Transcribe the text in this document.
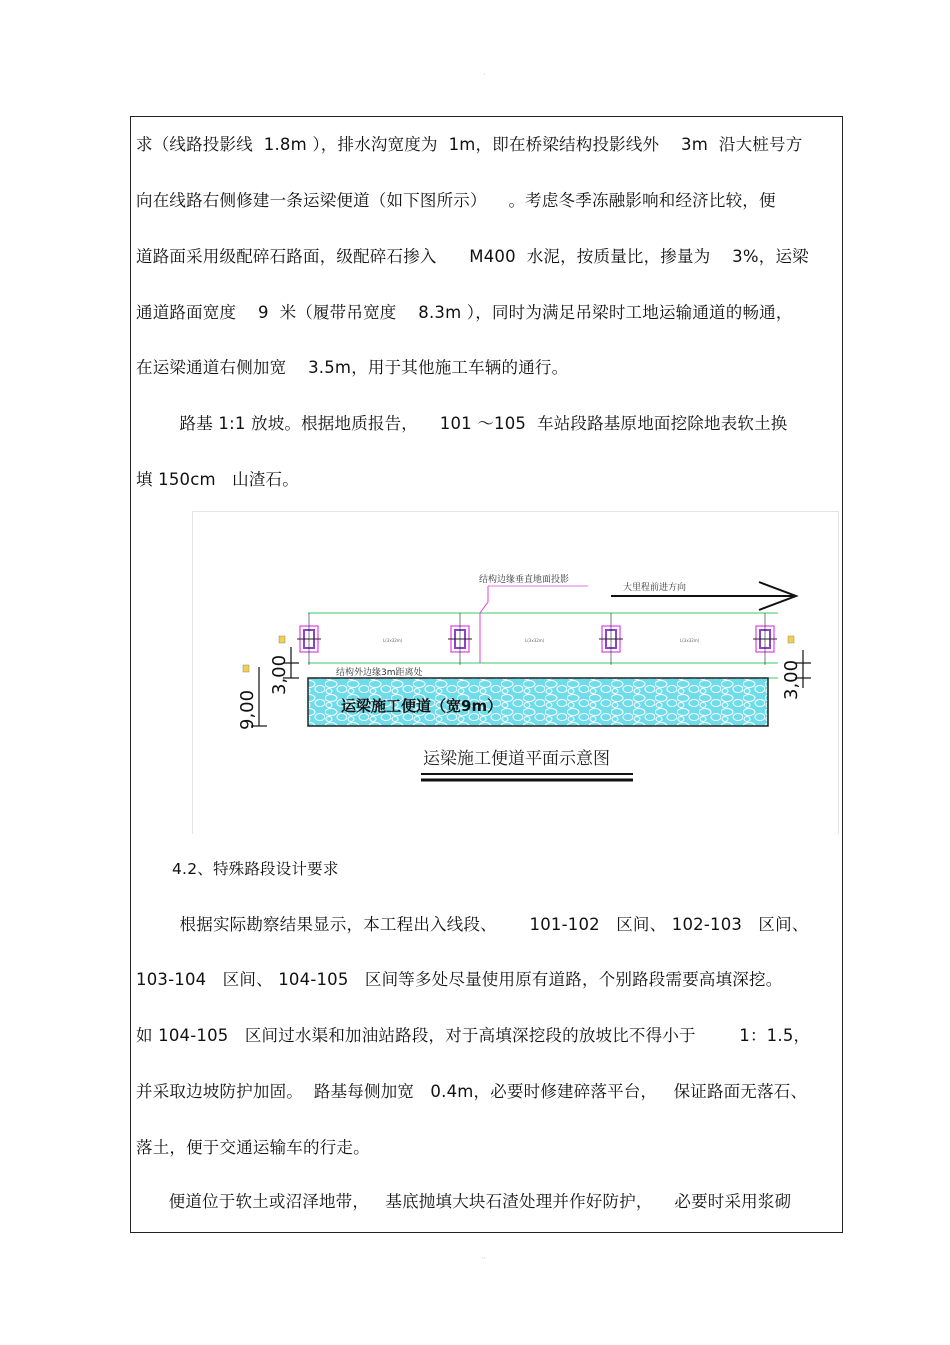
·
求（线路投影线  1.8m ），排水沟宽度为  1m，即在桥梁结构投影线外    3m  沿大桩号方
向在线路右侧修建一条运梁便道（如下图所示）    。考虑冬季冻融影响和经济比较，便
道路面采用级配碎石路面，级配碎石掺入      M400  水泥，按质量比，掺量为    3%，运梁
通道路面宽度    9  米（履带吊宽度    8.3m ），同时为满足吊梁时工地运输通道的畅通，
在运梁通道右侧加宽    3.5m，用于其他施工车辆的通行。
路基 1:1 放坡。根据地质报告，    101 ～105  车站段路基原地面挖除地表软土换
填 150cm   山渣石。
L(3x32m)	L(3x32m)	L(3x32m)
结构边缘垂直地面投影
大里程前进方向
结构外边缘3m距离处
运梁施工便道（宽9m）
9,00
3,00	3,00
运梁施工便道平面示意图
4.2、特殊路段设计要求
根据实际勘察结果显示，本工程出入线段、      101-102   区间、 102-103   区间、
103-104   区间、 104-105   区间等多处尽量使用原有道路，个别路段需要高填深挖。
如 104-105   区间过水渠和加油站路段，对于高填深挖段的放坡比不得小于        1：1.5，
并采取边坡防护加固。  路基每侧加宽   0.4m，必要时修建碎落平台，   保证路面无落石、
落土，便于交通运输车的行走。
便道位于软土或沼泽地带，   基底抛填大块石渣处理并作好防护，    必要时采用浆砌
··
